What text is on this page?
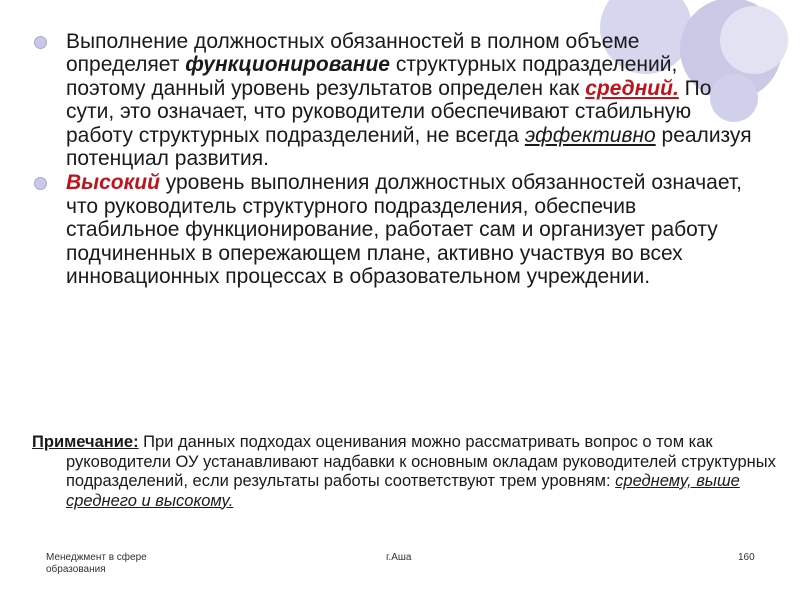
Выполнение должностных обязанностей в полном объеме определяет функционирование структурных подразделений, поэтому данный уровень результатов определен как средний. По сути, это означает, что руководители обеспечивают стабильную работу структурных подразделений, не всегда эффективно реализуя потенциал развития.
Высокий уровень выполнения должностных обязанностей означает, что руководитель структурного подразделения, обеспечив стабильное функционирование, работает сам и организует работу подчиненных в опережающем плане, активно участвуя во всех инновационных процессах в образовательном учреждении.

Примечание: При данных подходах оценивания можно рассматривать вопрос о том как руководители ОУ устанавливают надбавки к основным окладам руководителей структурных подразделений, если результаты работы соответствуют трем уровням: среднему, выше среднего и высокому.

Менеджмент в сфере образования
г.Аша	160
